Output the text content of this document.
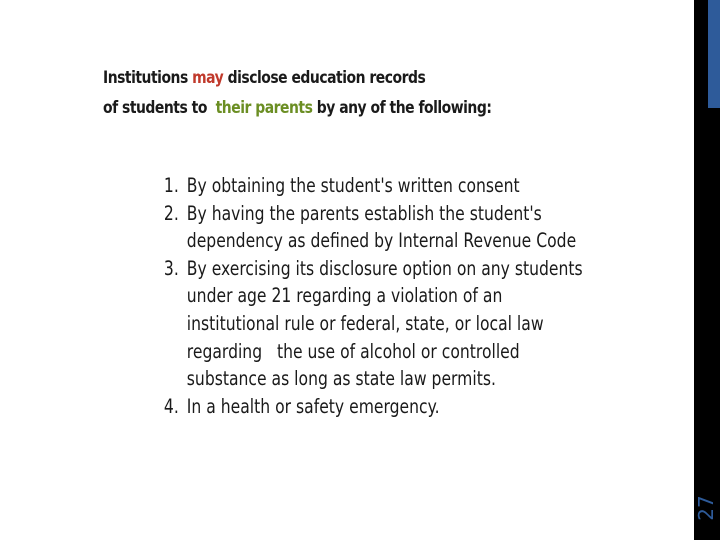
Institutions may disclose education records
of students to  their parents by any of the following:
1. By obtaining the student's written consent
2. By having the parents establish the student's dependency as defined by Internal Revenue Code
3. By exercising its disclosure option on any students under age 21 regarding a violation of an institutional rule or federal, state, or local law regarding   the use of alcohol or controlled substance as long as state law permits.
4. In a health or safety emergency.
27
